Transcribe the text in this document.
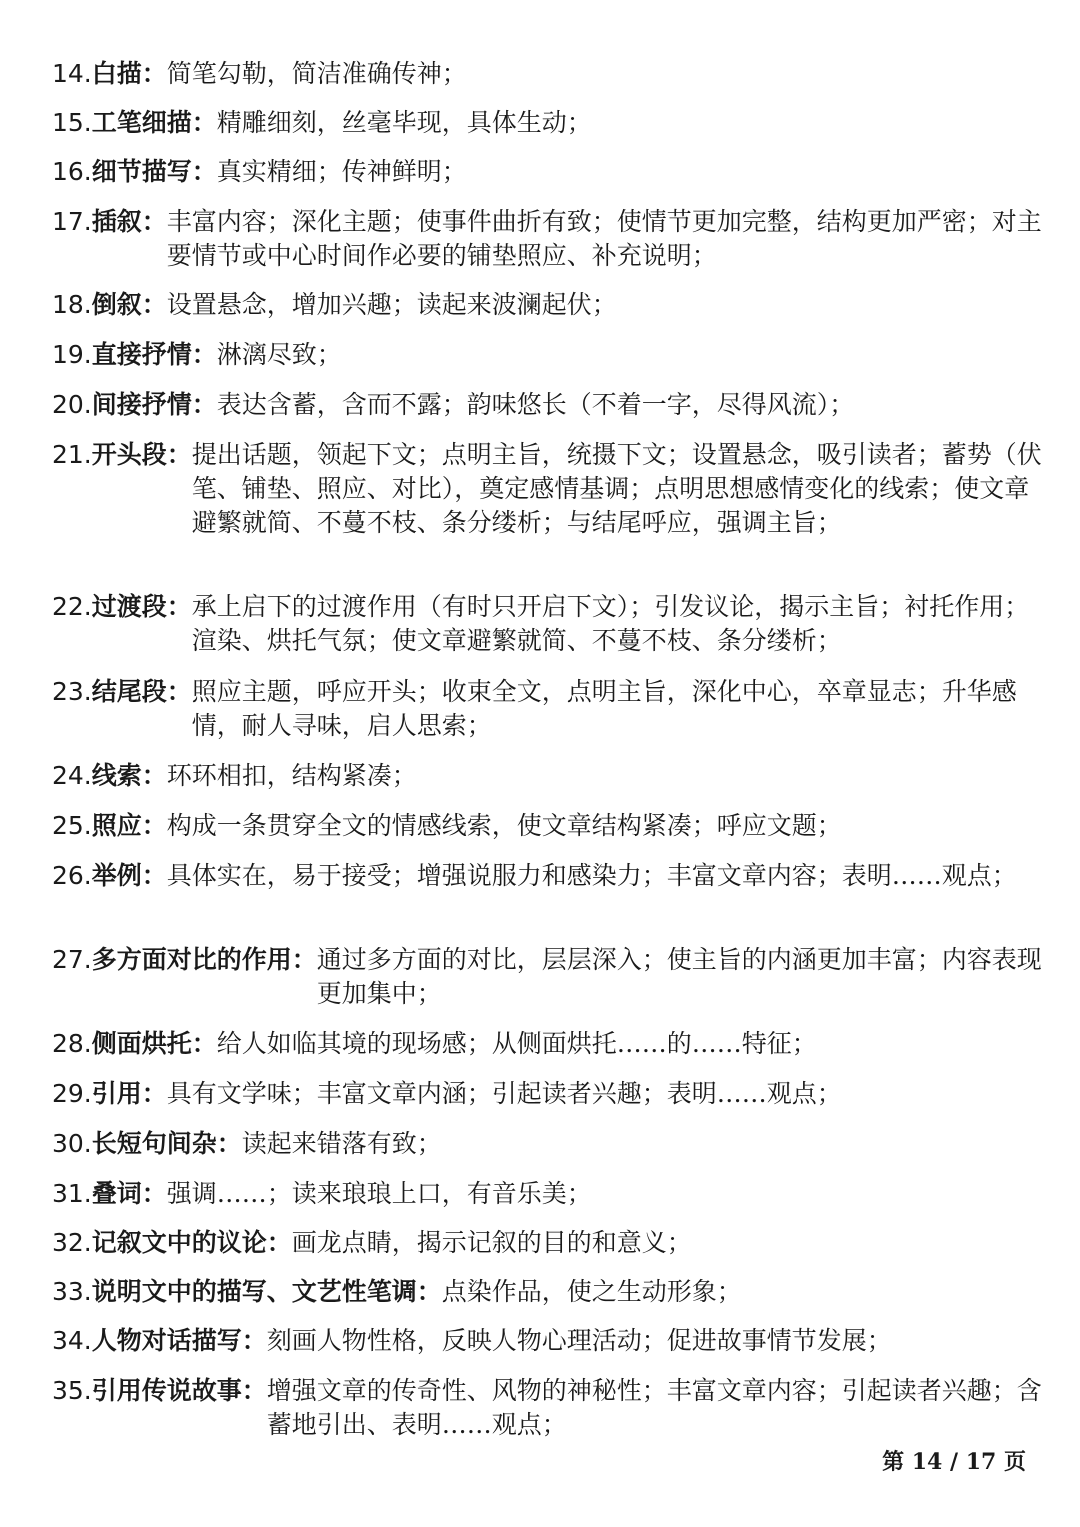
14.白描： 简笔勾勒，简洁准确传神；
15.工笔细描： 精雕细刻，丝毫毕现，具体生动；
16.细节描写： 真实精细；传神鲜明；
17.插叙： 丰富内容；深化主题；使事件曲折有致；使情节更加完整，结构更加严密；对主要情节或中心时间作必要的铺垫照应、补充说明；
18.倒叙： 设置悬念，增加兴趣；读起来波澜起伏；
19.直接抒情： 淋漓尽致；
20.间接抒情： 表达含蓄，含而不露；韵味悠长（不着一字，尽得风流）；
21.开头段： 提出话题，领起下文；点明主旨，统摄下文；设置悬念，吸引读者；蓄势（伏笔、铺垫、照应、对比），奠定感情基调；点明思想感情变化的线索；使文章避繁就简、不蔓不枝、条分缕析；与结尾呼应，强调主旨；
22.过渡段： 承上启下的过渡作用（有时只开启下文）；引发议论，揭示主旨；衬托作用；渲染、烘托气氛；使文章避繁就简、不蔓不枝、条分缕析；
23.结尾段： 照应主题，呼应开头；收束全文，点明主旨，深化中心，卒章显志；升华感情，耐人寻味，启人思索；
24.线索： 环环相扣，结构紧凑；
25.照应： 构成一条贯穿全文的情感线索，使文章结构紧凑；呼应文题；
26.举例： 具体实在，易于接受；增强说服力和感染力；丰富文章内容；表明……观点；
27.多方面对比的作用： 通过多方面的对比，层层深入；使主旨的内涵更加丰富；内容表现更加集中；
28.侧面烘托： 给人如临其境的现场感；从侧面烘托……的……特征；
29.引用： 具有文学味；丰富文章内涵；引起读者兴趣；表明……观点；
30.长短句间杂： 读起来错落有致；
31.叠词： 强调……；读来琅琅上口，有音乐美；
32.记叙文中的议论： 画龙点睛，揭示记叙的目的和意义；
33.说明文中的描写、文艺性笔调： 点染作品，使之生动形象；
34.人物对话描写： 刻画人物性格，反映人物心理活动；促进故事情节发展；
35.引用传说故事： 增强文章的传奇性、风物的神秘性；丰富文章内容；引起读者兴趣；含蓄地引出、表明……观点；
第 14 / 17 页
